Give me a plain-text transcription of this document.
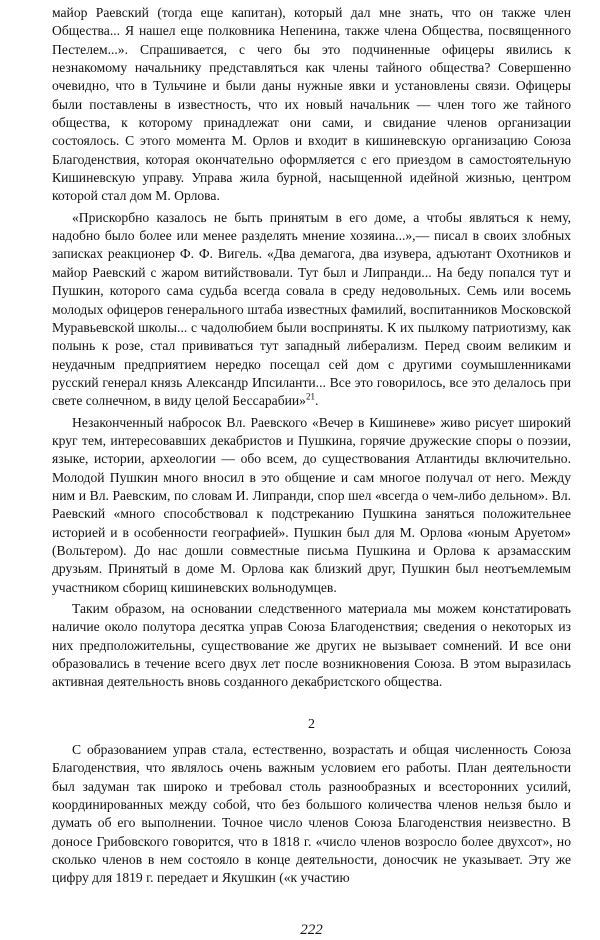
майор Раевский (тогда еще капитан), который дал мне знать, что он также член Общества... Я нашел еще полковника Непенина, также члена Общества, посвященного Пестелем...». Спрашивается, с чего бы это подчиненные офицеры явились к незнакомому начальнику представляться как члены тайного общества? Совершенно очевидно, что в Тульчине и были даны нужные явки и установлены связи. Офицеры были поставлены в известность, что их новый начальник — член того же тайного общества, к которому принадлежат они сами, и свидание членов организации состоялось. С этого момента М. Орлов и входит в кишиневскую организацию Союза Благоденствия, которая окончательно оформляется с его приездом в самостоятельную Кишиневскую управу. Управа жила бурной, насыщенной идейной жизнью, центром которой стал дом М. Орлова.

«Прискорбно казалось не быть принятым в его доме, а чтобы являться к нему, надобно было более или менее разделять мнение хозяина...»,— писал в своих злобных записках реакционер Ф. Ф. Вигель. «Два демагога, два изувера, адъютант Охотников и майор Раевский с жаром витийствовали. Тут был и Липранди... На беду попался тут и Пушкин, которого сама судьба всегда совала в среду недовольных. Семь или восемь молодых офицеров генерального штаба известных фамилий, воспитанников Московской Муравьевской школы... с чадолюбием были восприняты. К их пылкому патриотизму, как полынь к розе, стал прививаться тут западный либерализм. Перед своим великим и неудачным предприятием нередко посещал сей дом с другими соумышленниками русский генерал князь Александр Ипсиланти... Все это говорилось, все это делалось при свете солнечном, в виду целой Бессарабии»$^{21}$.

Незаконченный набросок Вл. Раевского «Вечер в Кишиневе» живо рисует широкий круг тем, интересовавших декабристов и Пушкина, горячие дружеские споры о поэзии, языке, истории, археологии — обо всем, до существования Атлантиды включительно. Молодой Пушкин много вносил в это общение и сам многое получал от него. Между ним и Вл. Раевским, по словам И. Липранди, спор шел «всегда о чем-либо дельном». Вл. Раевский «много способствовал к подстреканию Пушкина заняться положительнее историей и в особенности географией». Пушкин был для М. Орлова «юным Аруетом» (Вольтером). До нас дошли совместные письма Пушкина и Орлова к арзамасским друзьям. Принятый в доме М. Орлова как близкий друг, Пушкин был неотъемлемым участником сборищ кишиневских вольнодумцев.

Таким образом, на основании следственного материала мы можем констатировать наличие около полутора десятка управ Союза Благоденствия; сведения о некоторых из них предположительны, существование же других не вызывает сомнений. И все они образовались в течение всего двух лет после возникновения Союза. В этом выразилась активная деятельность вновь созданного декабристского общества.

2

С образованием управ стала, естественно, возрастать и общая численность Союза Благоденствия, что являлось очень важным условием его работы. План деятельности был задуман так широко и требовал столь разнообразных и всесторонних усилий, координированных между собой, что без большого количества членов нельзя было и думать об его выполнении. Точное число членов Союза Благоденствия неизвестно. В доносе Грибовского говорится, что в 1818 г. «число членов возросло более двухсот», но сколько членов в нем состояло в конце деятельности, доносчик не указывает. Эту же цифру для 1819 г. передает и Якушкин («к участию

222
